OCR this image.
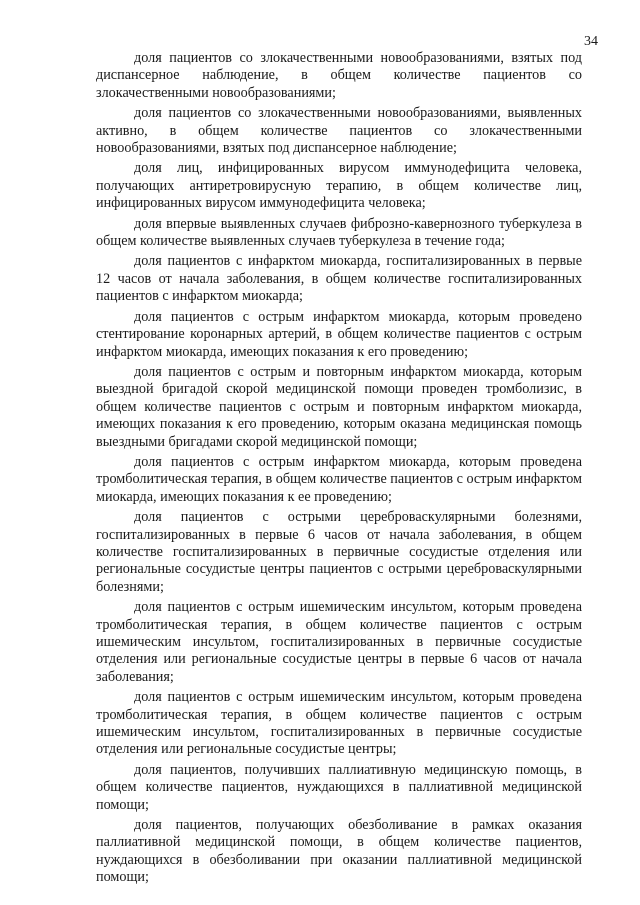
34

доля пациентов со злокачественными новообразованиями, взятых под диспансерное наблюдение, в общем количестве пациентов со злокачественными новообразованиями;

доля пациентов со злокачественными новообразованиями, выявленных активно, в общем количестве пациентов со злокачественными новообразованиями, взятых под диспансерное наблюдение;

доля лиц, инфицированных вирусом иммунодефицита человека, получающих антиретровирусную терапию, в общем количестве лиц, инфицированных вирусом иммунодефицита человека;

доля впервые выявленных случаев фиброзно-кавернозного туберкулеза в общем количестве выявленных случаев туберкулеза в течение года;

доля пациентов с инфарктом миокарда, госпитализированных в первые 12 часов от начала заболевания, в общем количестве госпитализированных пациентов с инфарктом миокарда;

доля пациентов с острым инфарктом миокарда, которым проведено стентирование коронарных артерий, в общем количестве пациентов с острым инфарктом миокарда, имеющих показания к его проведению;

доля пациентов с острым и повторным инфарктом миокарда, которым выездной бригадой скорой медицинской помощи проведен тромболизис, в общем количестве пациентов с острым и повторным инфарктом миокарда, имеющих показания к его проведению, которым оказана медицинская помощь выездными бригадами скорой медицинской помощи;

доля пациентов с острым инфарктом миокарда, которым проведена тромболитическая терапия, в общем количестве пациентов с острым инфарктом миокарда, имеющих показания к ее проведению;

доля пациентов с острыми цереброваскулярными болезнями, госпитализированных в первые 6 часов от начала заболевания, в общем количестве госпитализированных в первичные сосудистые отделения или региональные сосудистые центры пациентов с острыми цереброваскулярными болезнями;

доля пациентов с острым ишемическим инсультом, которым проведена тромболитическая терапия, в общем количестве пациентов с острым ишемическим инсультом, госпитализированных в первичные сосудистые отделения или региональные сосудистые центры в первые 6 часов от начала заболевания;

доля пациентов с острым ишемическим инсультом, которым проведена тромболитическая терапия, в общем количестве пациентов с острым ишемическим инсультом, госпитализированных в первичные сосудистые отделения или региональные сосудистые центры;

доля пациентов, получивших паллиативную медицинскую помощь, в общем количестве пациентов, нуждающихся в паллиативной медицинской помощи;

доля пациентов, получающих обезболивание в рамках оказания паллиативной медицинской помощи, в общем количестве пациентов, нуждающихся в обезболивании при оказании паллиативной медицинской помощи;
